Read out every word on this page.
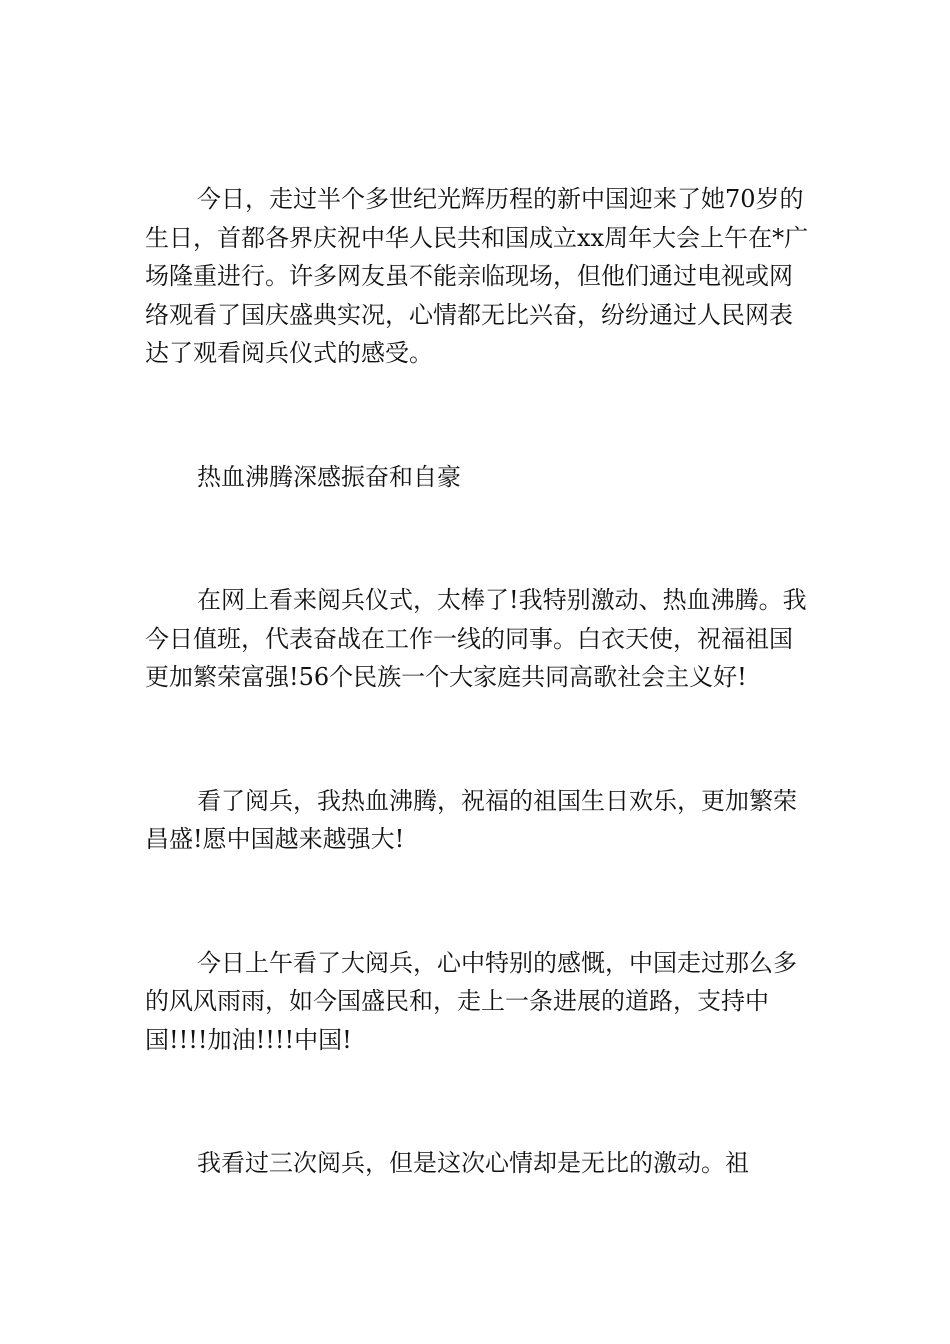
今日，走过半个多世纪光辉历程的新中国迎来了她70岁的生日，首都各界庆祝中华人民共和国成立xx周年大会上午在*广场隆重进行。许多网友虽不能亲临现场，但他们通过电视或网络观看了国庆盛典实况，心情都无比兴奋，纷纷通过人民网表达了观看阅兵仪式的感受。

热血沸腾深感振奋和自豪

在网上看来阅兵仪式，太棒了!我特别激动、热血沸腾。我今日值班，代表奋战在工作一线的同事。白衣天使，祝福祖国更加繁荣富强!56个民族一个大家庭共同高歌社会主义好!

看了阅兵，我热血沸腾，祝福的祖国生日欢乐，更加繁荣昌盛!愿中国越来越强大!

今日上午看了大阅兵，心中特别的感慨，中国走过那么多的风风雨雨，如今国盛民和，走上一条进展的道路，支持中国!!!!加油!!!!中国!

我看过三次阅兵，但是这次心情却是无比的激动。祖
